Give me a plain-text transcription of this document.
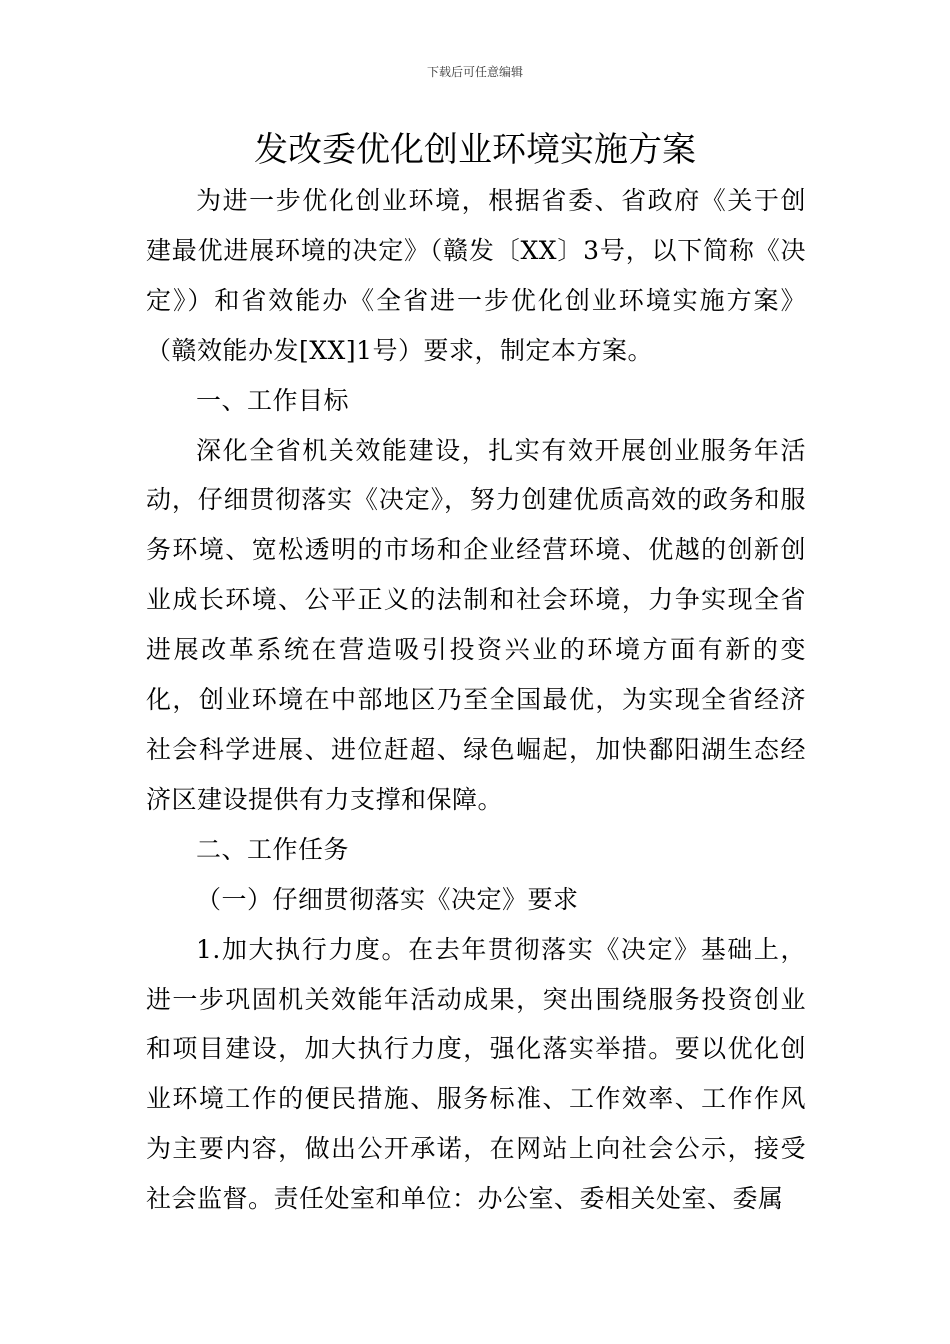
下载后可任意编辑
发改委优化创业环境实施方案

为进一步优化创业环境，根据省委、省政府《关于创建最优进展环境的决定》（赣发〔XX〕3号，以下简称《决定》）和省效能办《全省进一步优化创业环境实施方案》（赣效能办发[XX]1号）要求，制定本方案。

一、工作目标

深化全省机关效能建设，扎实有效开展创业服务年活动，仔细贯彻落实《决定》，努力创建优质高效的政务和服务环境、宽松透明的市场和企业经营环境、优越的创新创业成长环境、公平正义的法制和社会环境，力争实现全省进展改革系统在营造吸引投资兴业的环境方面有新的变化，创业环境在中部地区乃至全国最优，为实现全省经济社会科学进展、进位赶超、绿色崛起，加快鄱阳湖生态经济区建设提供有力支撑和保障。

二、工作任务

（一）仔细贯彻落实《决定》要求

1.加大执行力度。在去年贯彻落实《决定》基础上，进一步巩固机关效能年活动成果，突出围绕服务投资创业和项目建设，加大执行力度，强化落实举措。要以优化创业环境工作的便民措施、服务标准、工作效率、工作作风为主要内容，做出公开承诺，在网站上向社会公示，接受社会监督。责任处室和单位：办公室、委相关处室、委属
